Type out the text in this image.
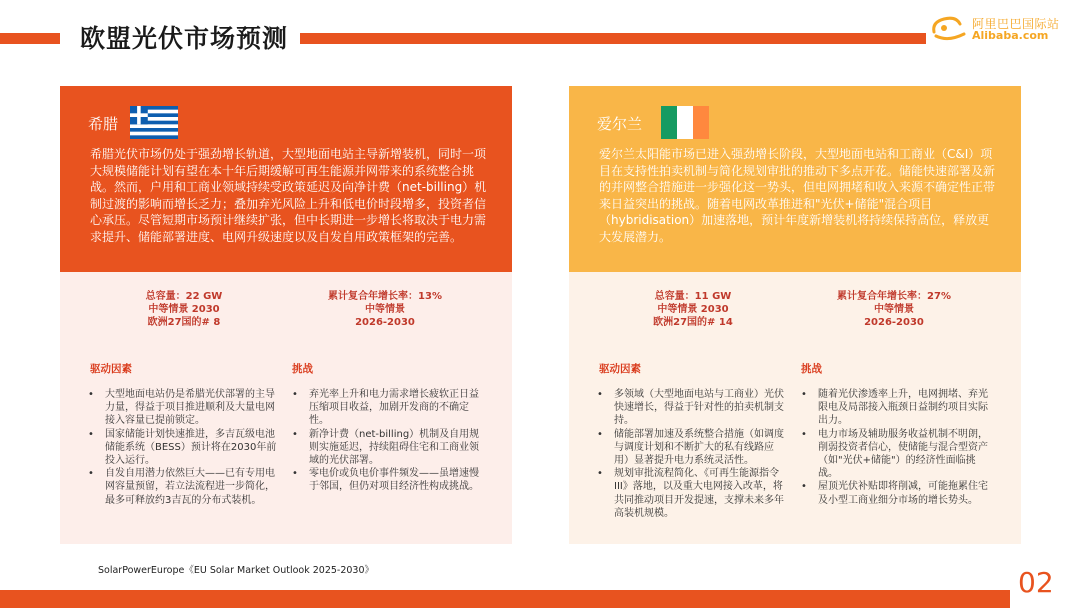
欧盟光伏市场预测	阿里巴巴国际站
Alibaba.com
希腊
希腊光伏市场仍处于强劲增长轨道，大型地面电站主导新增装机，同时一项大规模储能计划有望在本十年后期缓解可再生能源并网带来的系统整合挑战。然而，户用和工商业领域持续受政策延迟及向净计费（net-billing）机制过渡的影响而增长乏力；叠加弃光风险上升和低电价时段增多，投资者信心承压。尽管短期市场预计继续扩张，但中长期进一步增长将取决于电力需求提升、储能部署进度、电网升级速度以及自发自用政策框架的完善。
总容量：22 GW
中等情景 2030
欧洲27国的# 8
累计复合年增长率：13%
中等情景
2026-2030
驱动因素	挑战
• 大型地面电站仍是希腊光伏部署的主导力量，得益于项目推进顺利及大量电网接入容量已提前锁定。
• 国家储能计划快速推进，多吉瓦级电池储能系统（BESS）预计将在2030年前投入运行。
• 自发自用潜力依然巨大——已有专用电网容量预留，若立法流程进一步简化，最多可释放约3吉瓦的分布式装机。
• 弃光率上升和电力需求增长疲软正日益压缩项目收益，加剧开发商的不确定性。
• 新净计费（net-billing）机制及自用规则实施延迟，持续阻碍住宅和工商业领域的光伏部署。
• 零电价或负电价事件频发——虽增速慢于邻国，但仍对项目经济性构成挑战。
爱尔兰
爱尔兰太阳能市场已进入强劲增长阶段，大型地面电站和工商业（C&I）项目在支持性拍卖机制与简化规划审批的推动下多点开花。储能快速部署及新的并网整合措施进一步强化这一势头，但电网拥堵和收入来源不确定性正带来日益突出的挑战。随着电网改革推进和"光伏+储能"混合项目（hybridisation）加速落地，预计年度新增装机将持续保持高位，释放更大发展潜力。
总容量：11 GW
中等情景 2030
欧洲27国的# 14
累计复合年增长率：27%
中等情景
2026-2030
驱动因素	挑战
• 多领域（大型地面电站与工商业）光伏快速增长，得益于针对性的拍卖机制支持。
• 储能部署加速及系统整合措施（如调度与调度计划和不断扩大的私有线路应用）显著提升电力系统灵活性。
• 规划审批流程简化、《可再生能源指令III》落地，以及重大电网接入改革，将共同推动项目开发提速，支撑未来多年高装机规模。
• 随着光伏渗透率上升，电网拥堵、弃光限电及局部接入瓶颈日益制约项目实际出力。
• 电力市场及辅助服务收益机制不明朗，削弱投资者信心，使储能与混合型资产（如"光伏+储能"）的经济性面临挑战。
• 屋顶光伏补贴即将削减，可能拖累住宅及小型工商业细分市场的增长势头。
SolarPowerEurope《EU Solar Market Outlook 2025-2030》	02
